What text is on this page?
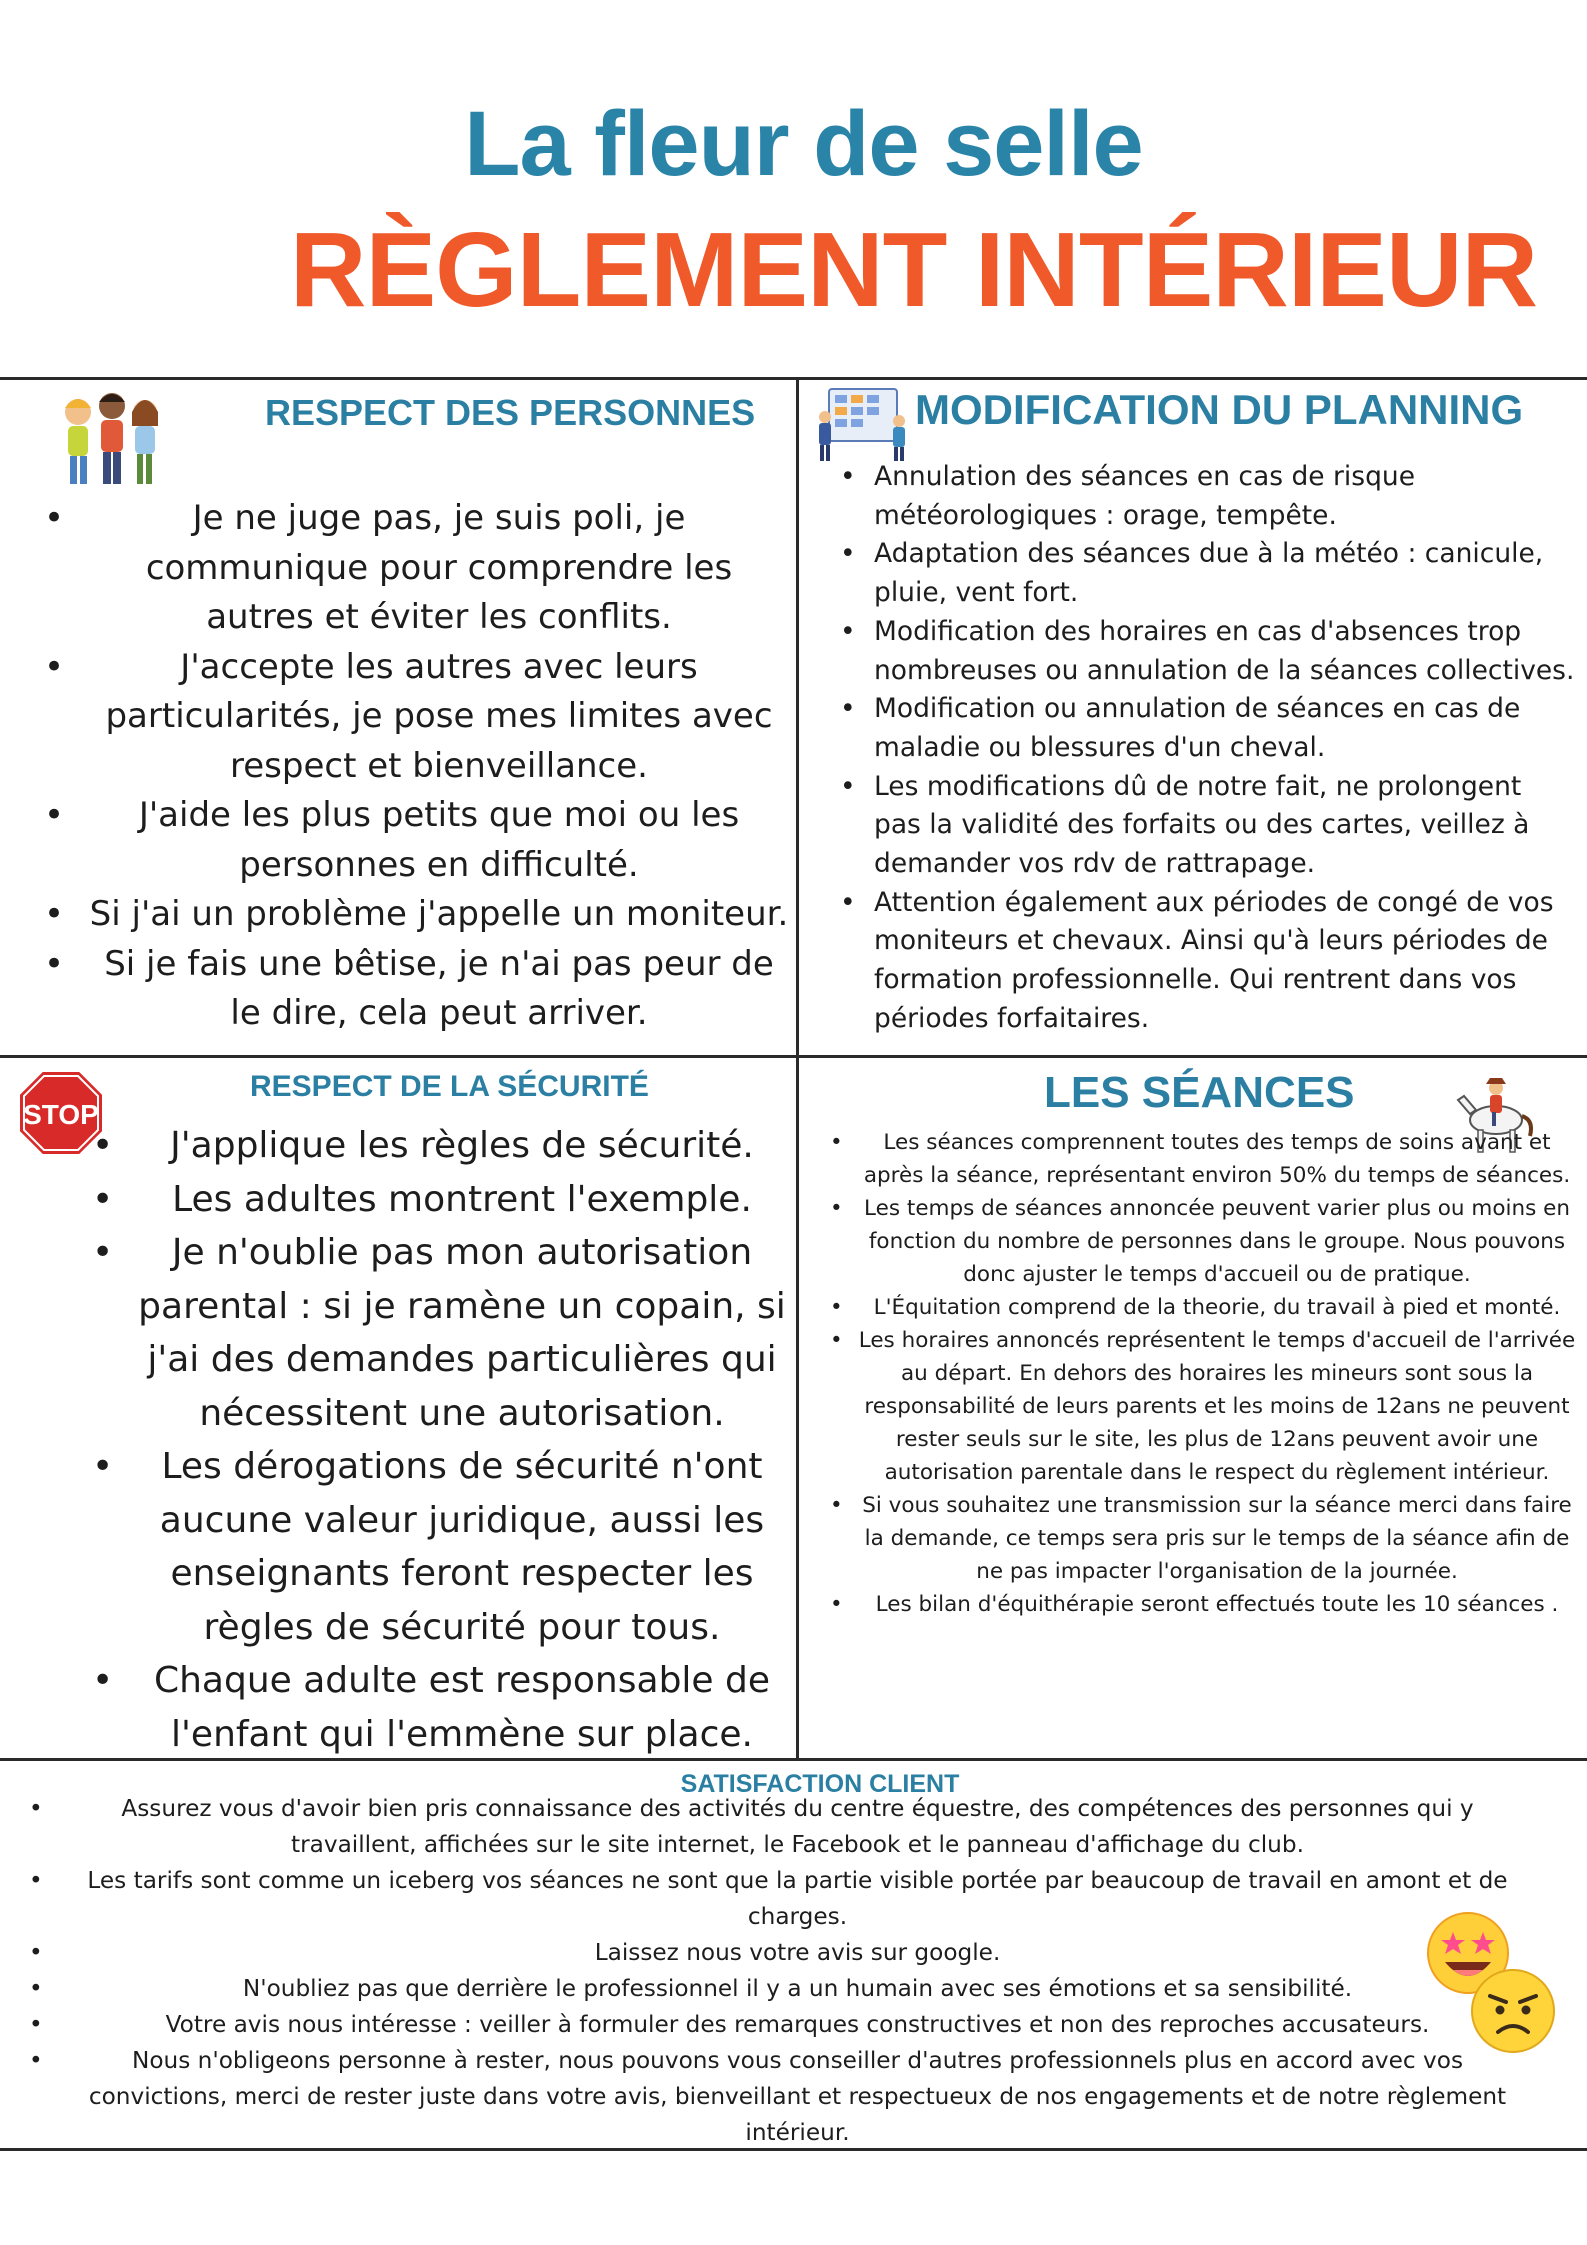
La fleur de selle
RÈGLEMENT INTÉRIEUR
RESPECT DES PERSONNES
• Je ne juge pas, je suis poli, je communique pour comprendre les autres et éviter les conflits.
• J'accepte les autres avec leurs particularités, je pose mes limites avec respect et bienveillance.
• J'aide les plus petits que moi ou les personnes en difficulté.
• Si j'ai un problème j'appelle un moniteur.
• Si je fais une bêtise, je n'ai pas peur de le dire, cela peut arriver.
MODIFICATION DU PLANNING
• Annulation des séances en cas de risque météorologiques : orage, tempête.
• Adaptation des séances due à la météo : canicule, pluie, vent fort.
• Modification des horaires en cas d'absences trop nombreuses ou annulation de la séances collectives.
• Modification ou annulation de séances en cas de maladie ou blessures d'un cheval.
• Les modifications dû de notre fait, ne prolongent pas la validité des forfaits ou des cartes, veillez à demander vos rdv de rattrapage.
• Attention également aux périodes de congé de vos moniteurs et chevaux. Ainsi qu'à leurs périodes de formation professionnelle. Qui rentrent dans vos périodes forfaitaires.
STOP
RESPECT DE LA SÉCURITÉ
• J'applique les règles de sécurité.
• Les adultes montrent l'exemple.
• Je n'oublie pas mon autorisation parental : si je ramène un copain, si j'ai des demandes particulières qui nécessitent une autorisation.
• Les dérogations de sécurité n'ont aucune valeur juridique, aussi les enseignants feront respecter les règles de sécurité pour tous.
• Chaque adulte est responsable de l'enfant qui l'emmène sur place.
LES SÉANCES
• Les séances comprennent toutes des temps de soins avant et après la séance, représentant environ 50% du temps de séances.
• Les temps de séances annoncée peuvent varier plus ou moins en fonction du nombre de personnes dans le groupe. Nous pouvons donc ajuster le temps d'accueil ou de pratique.
• L'Équitation comprend de la theorie, du travail à pied et monté.
• Les horaires annoncés représentent le temps d'accueil de l'arrivée au départ. En dehors des horaires les mineurs sont sous la responsabilité de leurs parents et les moins de 12ans ne peuvent rester seuls sur le site, les plus de 12ans peuvent avoir une autorisation parentale dans le respect du règlement intérieur.
• Si vous souhaitez une transmission sur la séance merci dans faire la demande, ce temps sera pris sur le temps de la séance afin de ne pas impacter l'organisation de la journée.
• Les bilan d'équithérapie seront effectués toute les 10 séances .
SATISFACTION CLIENT
• Assurez vous d'avoir bien pris connaissance des activités du centre équestre, des compétences des personnes qui y travaillent, affichées sur le site internet, le Facebook et le panneau d'affichage du club.
• Les tarifs sont comme un iceberg vos séances ne sont que la partie visible portée par beaucoup de travail en amont et de charges.
• Laissez nous votre avis sur google.
• N'oubliez pas que derrière le professionnel il y a un humain avec ses émotions et sa sensibilité.
• Votre avis nous intéresse : veiller à formuler des remarques constructives et non des reproches accusateurs.
• Nous n'obligeons personne à rester, nous pouvons vous conseiller d'autres professionnels plus en accord avec vos convictions, merci de rester juste dans votre avis, bienveillant et respectueux de nos engagements et de notre règlement intérieur.
